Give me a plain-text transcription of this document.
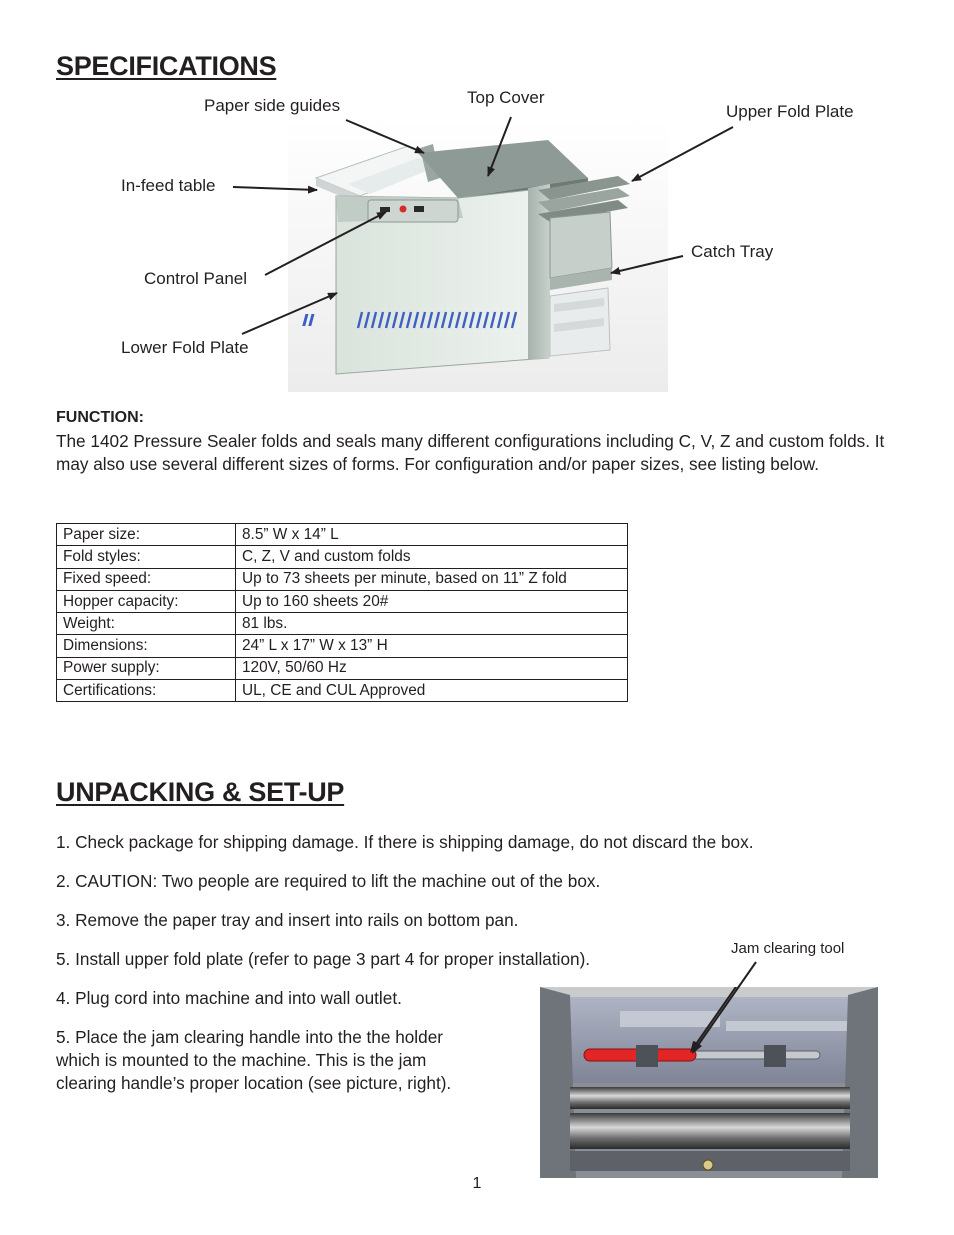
SPECIFICATIONS
Paper side guides	Top Cover
Upper Fold Plate
In-feed table
Catch Tray
Control Panel
Lower Fold Plate
FUNCTION:
The 1402 Pressure Sealer folds and seals many different configurations including C, V, Z and custom folds. It may also use several different sizes of forms. For configuration and/or paper sizes, see listing below.
Paper size:	8.5” W x 14” L
Fold styles:	C, Z, V and custom folds
Fixed speed:	Up to 73 sheets per minute, based on 11” Z fold
Hopper capacity:	Up to 160 sheets 20#
Weight:	81 lbs.
Dimensions:	24” L x 17” W x 13” H
Power supply:	120V, 50/60 Hz
Certifications:	UL, CE and CUL Approved
UNPACKING & SET-UP
1. Check package for shipping damage. If there is shipping damage, do not discard the box.
2. CAUTION: Two people are required to lift the machine out of the box.
3. Remove the paper tray and insert into rails on bottom pan.
5. Install upper fold plate (refer to page 3 part 4 for proper installation).
4. Plug cord into machine and into wall outlet.
5. Place the jam clearing handle into the the holder
which is mounted to the machine. This is the jam
clearing handle’s proper location (see picture, right).
Jam clearing tool
1
